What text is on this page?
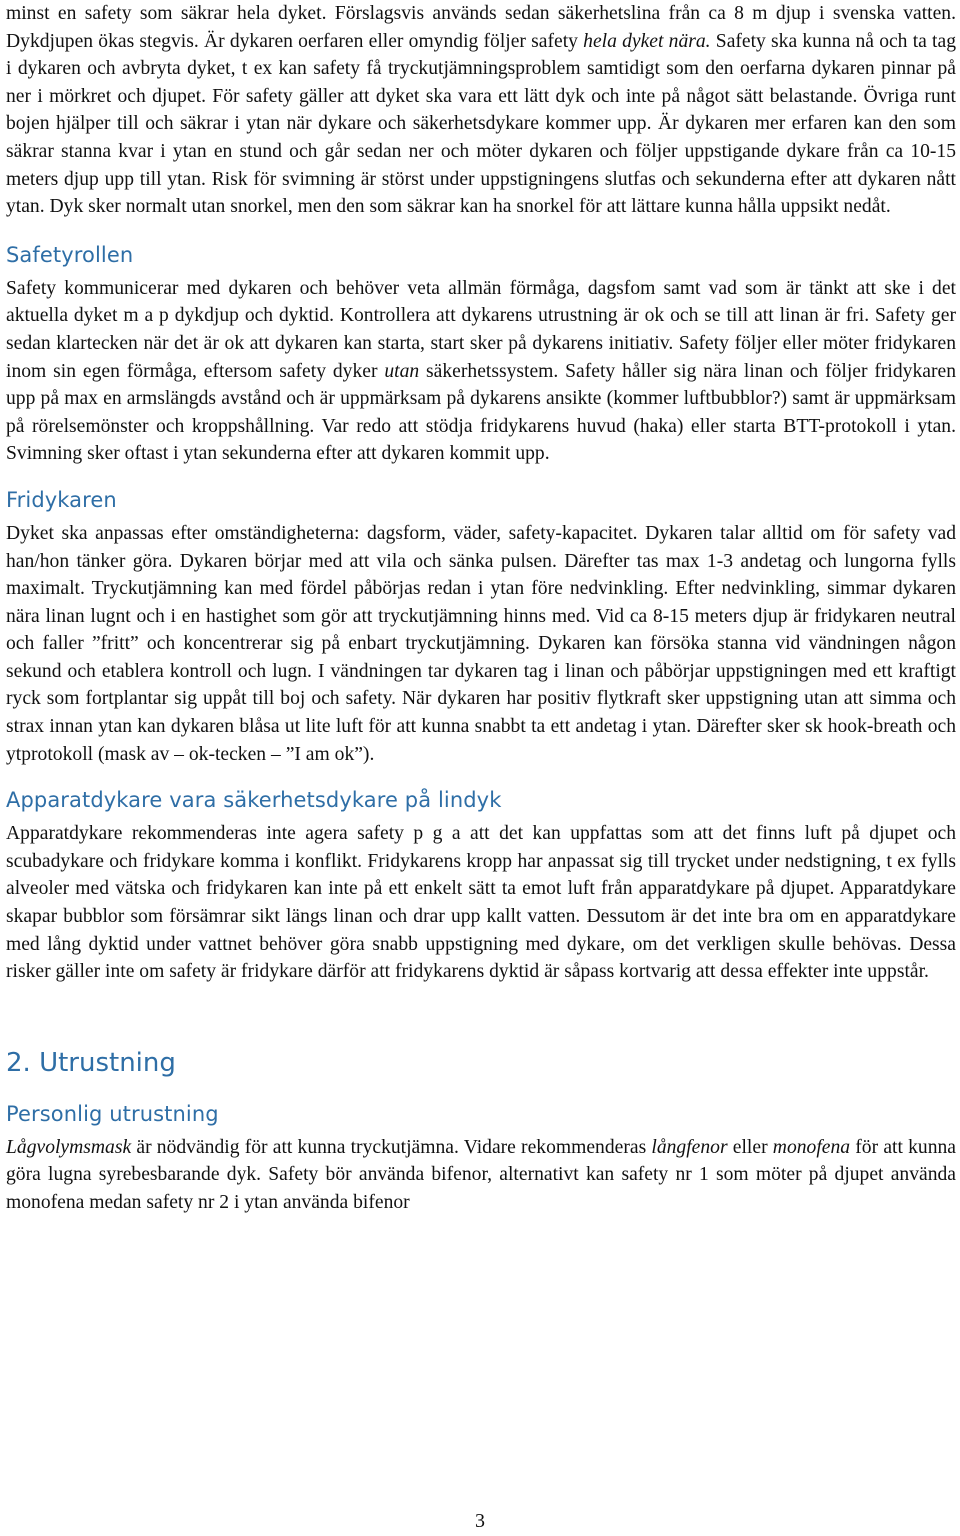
minst en safety som säkrar hela dyket. Förslagsvis används sedan säkerhetslina från ca 8 m djup i svenska vatten. Dykdjupen ökas stegvis. Är dykaren oerfaren eller omyndig följer safety hela dyket nära. Safety ska kunna nå och ta tag i dykaren och avbryta dyket, t ex kan safety få tryckutjämningsproblem samtidigt som den oerfarna dykaren pinnar på ner i mörkret och djupet. För safety gäller att dyket ska vara ett lätt dyk och inte på något sätt belastande. Övriga runt bojen hjälper till och säkrar i ytan när dykare och säkerhetsdykare kommer upp. Är dykaren mer erfaren kan den som säkrar stanna kvar i ytan en stund och går sedan ner och möter dykaren och följer uppstigande dykare från ca 10-15 meters djup upp till ytan. Risk för svimning är störst under uppstigningens slutfas och sekunderna efter att dykaren nått ytan. Dyk sker normalt utan snorkel, men den som säkrar kan ha snorkel för att lättare kunna hålla uppsikt nedåt.

Safetyrollen

Safety kommunicerar med dykaren och behöver veta allmän förmåga, dagsfom samt vad som är tänkt att ske i det aktuella dyket m a p dykdjup och dyktid. Kontrollera att dykarens utrustning är ok och se till att linan är fri. Safety ger sedan klartecken när det är ok att dykaren kan starta, start sker på dykarens initiativ. Safety följer eller möter fridykaren inom sin egen förmåga, eftersom safety dyker utan säkerhetssystem. Safety håller sig nära linan och följer fridykaren upp på max en armslängds avstånd och är uppmärksam på dykarens ansikte (kommer luftbubblor?) samt är uppmärksam på rörelsemönster och kroppshållning. Var redo att stödja fridykarens huvud (haka) eller starta BTT-protokoll i ytan. Svimning sker oftast i ytan sekunderna efter att dykaren kommit upp.

Fridykaren

Dyket ska anpassas efter omständigheterna: dagsform, väder, safety-kapacitet. Dykaren talar alltid om för safety vad han/hon tänker göra. Dykaren börjar med att vila och sänka pulsen. Därefter tas max 1-3 andetag och lungorna fylls maximalt. Tryckutjämning kan med fördel påbörjas redan i ytan före nedvinkling. Efter nedvinkling, simmar dykaren nära linan lugnt och i en hastighet som gör att tryckutjämning hinns med. Vid ca 8-15 meters djup är fridykaren neutral och faller ”fritt” och koncentrerar sig på enbart tryckutjämning. Dykaren kan försöka stanna vid vändningen någon sekund och etablera kontroll och lugn. I vändningen tar dykaren tag i linan och påbörjar uppstigningen med ett kraftigt ryck som fortplantar sig uppåt till boj och safety. När dykaren har positiv flytkraft sker uppstigning utan att simma och strax innan ytan kan dykaren blåsa ut lite luft för att kunna snabbt ta ett andetag i ytan. Därefter sker sk hook-breath och ytprotokoll (mask av – ok-tecken – ”I am ok”).

Apparatdykare vara säkerhetsdykare på lindyk

Apparatdykare rekommenderas inte agera safety p g a att det kan uppfattas som att det finns luft på djupet och scubadykare och fridykare komma i konflikt. Fridykarens kropp har anpassat sig till trycket under nedstigning, t ex fylls alveoler med vätska och fridykaren kan inte på ett enkelt sätt ta emot luft från apparatdykare på djupet. Apparatdykare skapar bubblor som försämrar sikt längs linan och drar upp kallt vatten. Dessutom är det inte bra om en apparatdykare med lång dyktid under vattnet behöver göra snabb uppstigning med dykare, om det verkligen skulle behövas. Dessa risker gäller inte om safety är fridykare därför att fridykarens dyktid är såpass kortvarig att dessa effekter inte uppstår.

2. Utrustning
Personlig utrustning

Lågvolymsmask är nödvändig för att kunna tryckutjämna. Vidare rekommenderas långfenor eller monofena för att kunna göra lugna syrebesbarande dyk. Safety bör använda bifenor, alternativt kan safety nr 1 som möter på djupet använda monofena medan safety nr 2 i ytan använda bifenor

3
